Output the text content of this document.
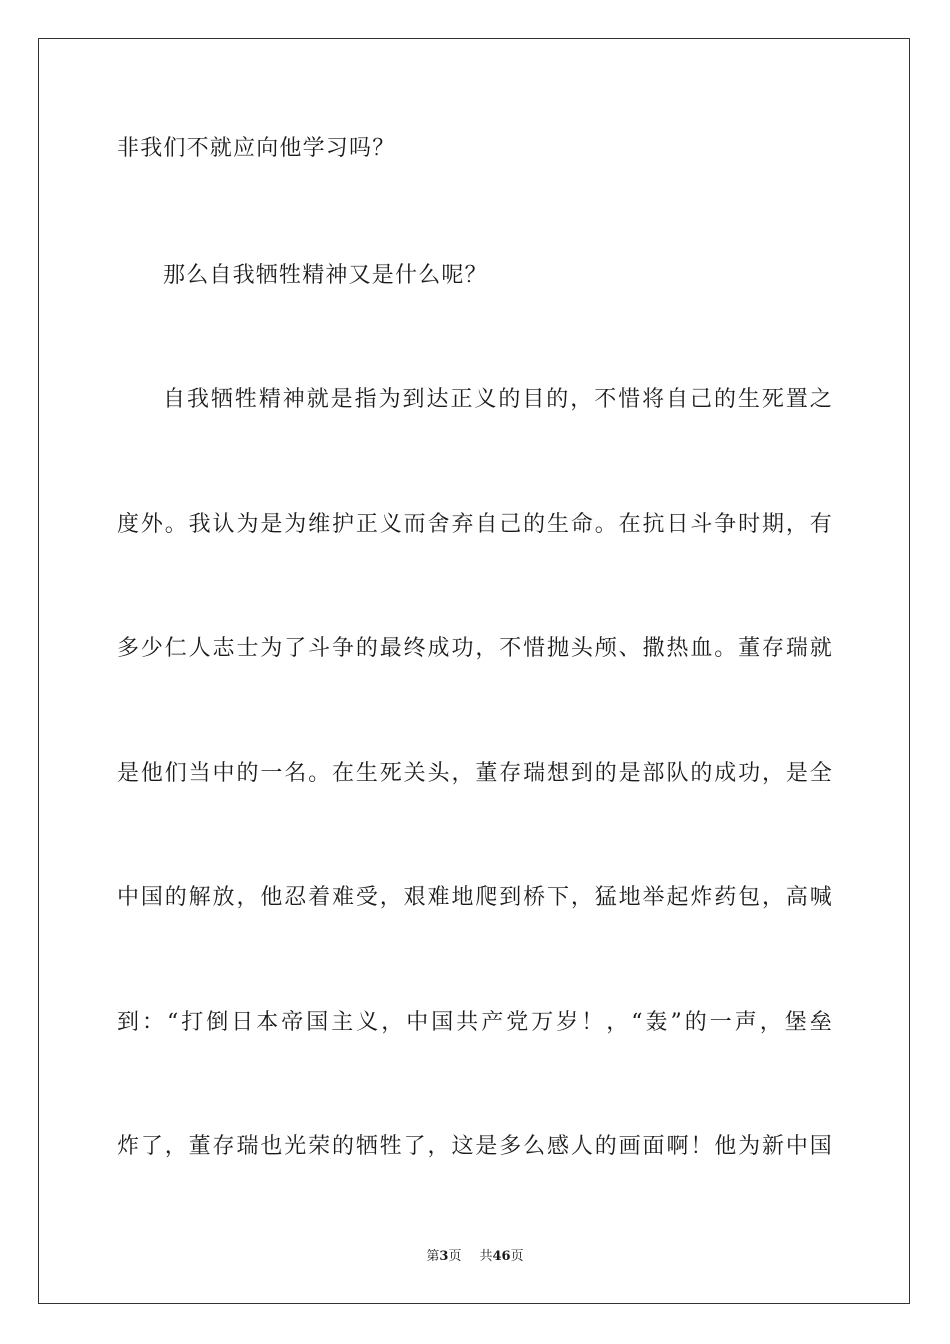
非我们不就应向他学习吗？
那么自我牺牲精神又是什么呢？
自我牺牲精神就是指为到达正义的目的，不惜将自己的生死置之
度外。我认为是为维护正义而舍弃自己的生命。在抗日斗争时期，有
多少仁人志士为了斗争的最终成功，不惜抛头颅、撒热血。董存瑞就
是他们当中的一名。在生死关头，董存瑞想到的是部队的成功，是全
中国的解放，他忍着难受，艰难地爬到桥下，猛地举起炸药包，高喊
到：“打倒日本帝国主义，中国共产党万岁！，“轰”的一声，堡垒
炸了，董存瑞也光荣的牺牲了，这是多么感人的画面啊！他为新中国
第3页 共46页
